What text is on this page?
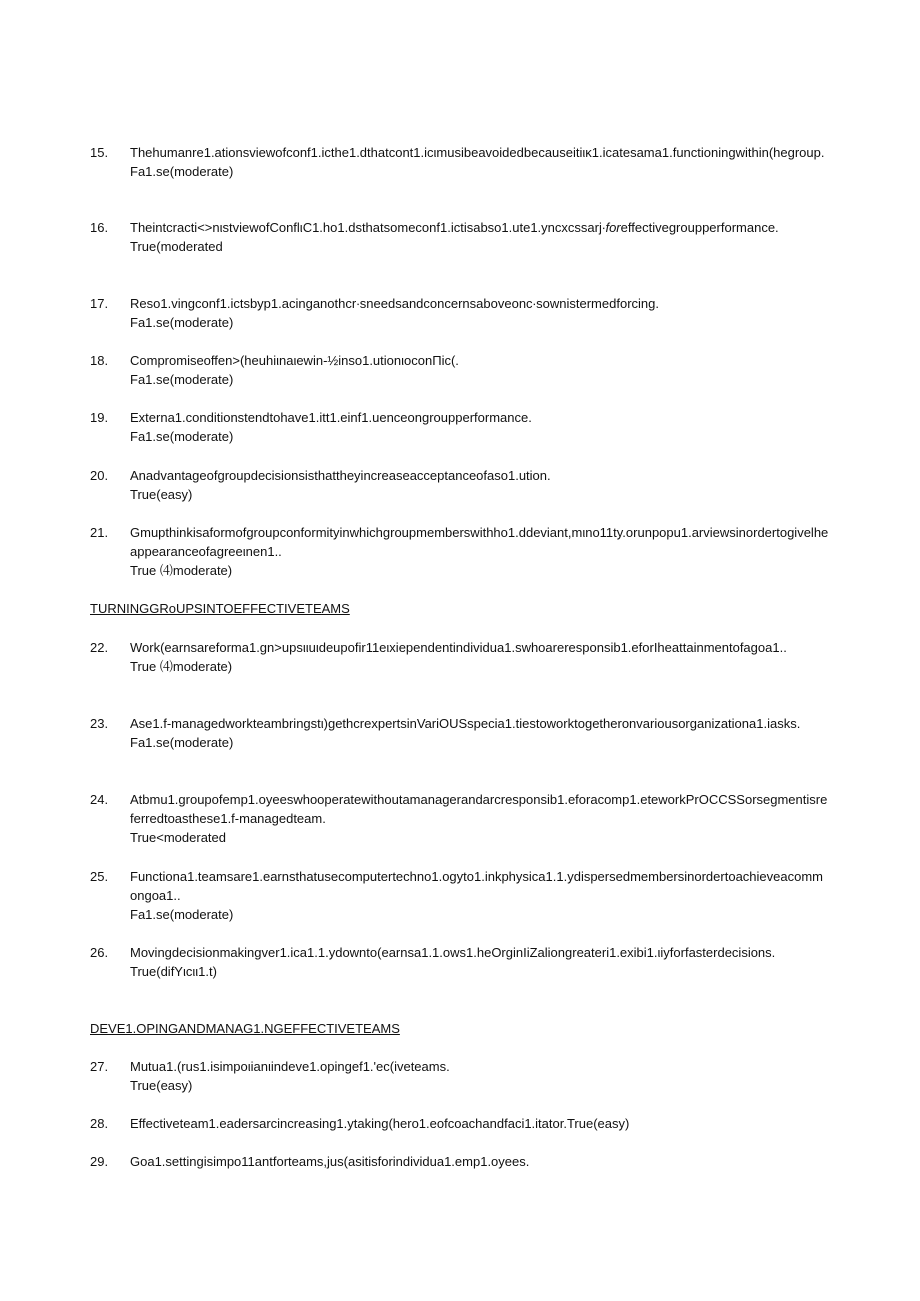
15.	Thehumanre1.ationsviewofconf1.icthe1.dthatcont1.icιmusibeavoidedbecauseitiικ1.icatesama1.functioningwithin(hegroup.
Fa1.se(moderate)
16.	Theintcracti<>nιstviewofConflιC1.ho1.dsthatsomeconf1.ictisabso1.ute1.yncxcssarj∙foreffectivegroupperformance.
True(moderated
17.	Reso1.vingconf1.ictsbyp1.acinganothcr∙sneedsandconcernsaboveonc∙sownistermedforcing.
Fa1.se(moderate)
18.	Compromiseoffen>(heuhiιnaιewin-½inso1.utionιoconΠic(.
Fa1.se(moderate)
19.	Externa1.conditionstendtohave1.itt1.einf1.uenceongroupperformance.
Fa1.se(moderate)
20.	Anadvantageofgroupdecisionsisthattheyincreaseacceptanceofaso1.ution.
True(easy)
21.	Gmupthinkisaformofgroupconformityinwhichgroupmemberswithho1.ddeviant,mιno11ty.orunpopu1.arviewsinordertogivelheappearanceofagreeιnen1..
True ⑷moderate)
TURNINGGRoUPSINTOEFFECTIVETEAMS
22.	Work(earnsareforma1.gn>upsιιuιdeupofir11eιxiependentindividua1.swhoareresponsib1.eforIheattainmentofagoa1..
True ⑷moderate)
23.	Ase1.f-managedworkteambringstι)gethcrexpertsinVariOUSspecia1.tiestoworktogetheronvariousorganizationa1.iasks.
Fa1.se(moderate)
24.	Atbmu1.groupofemp1.oyeeswhooperatewithoutamanagerandarcresponsib1.eforacomp1.eteworkPrOCCSSorsegmentisreferredtoasthese1.f-managedteam.
True<moderated
25.	Functiona1.teamsare1.earnsthatusecomputertechno1.ogyto1.inkphysica1.1.ydispersedmembersinordertoachieveacommongoa1..
Fa1.se(moderate)
26.	Movingdecisionmakingver1.ica1.1.ydownto(earnsa1.1.ows1.heOrginIiZaliongreateri1.exibi1.ιiyforfasterdecisions.
True(difYιcιι1.t)
DEVE1.OPINGANDMANAG1.NGEFFECTIVETEAMS
27.	Mutua1.(rus1.isimpoιianιindeve1.opingef1.'ec(iveteams.
True(easy)
28.	Effectiveteam1.eadersarcincreasing1.ytaking(hero1.eofcoachandfaci1.itator.True(easy)
29.	Goa1.settingisimpo11antforteams,jus(asitisforindividua1.emp1.oyees.
